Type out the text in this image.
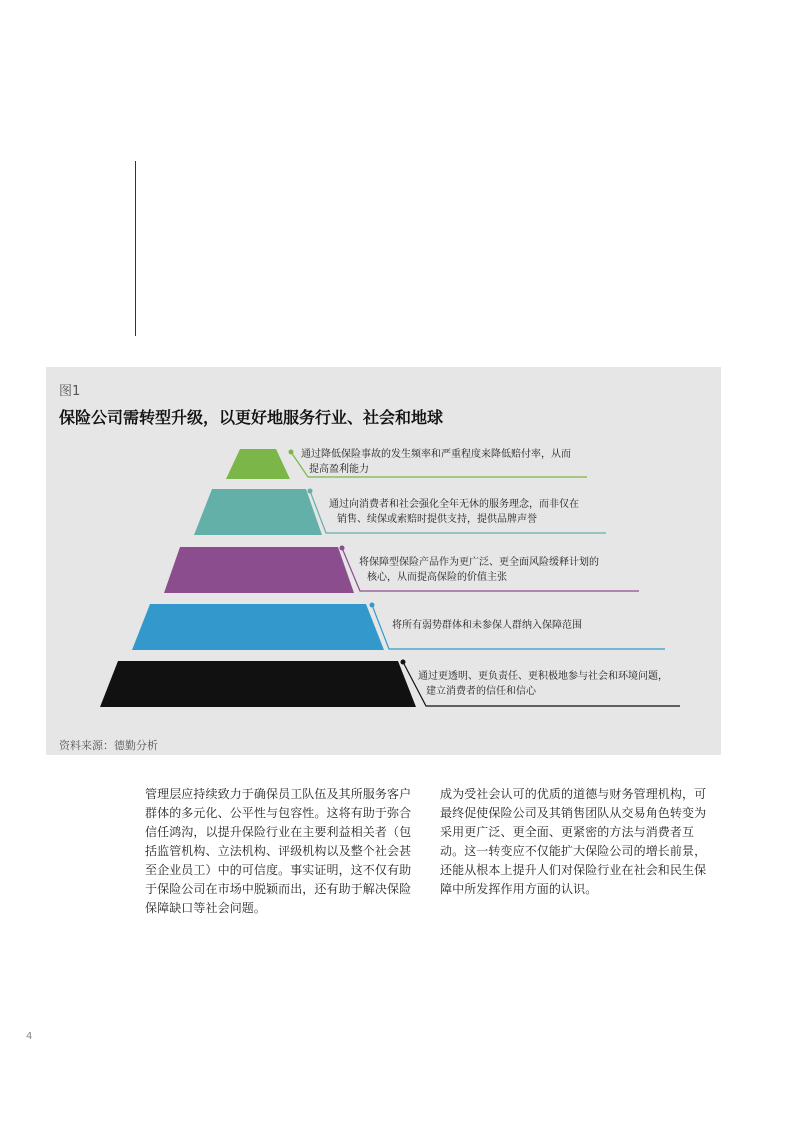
图1
保险公司需转型升级，以更好地服务行业、社会和地球
通过降低保险事故的发生频率和严重程度来降低赔付率，从而
提高盈利能力
通过向消费者和社会强化全年无休的服务理念，而非仅在
销售、续保或索赔时提供支持，提供品牌声誉
将保障型保险产品作为更广泛、更全面风险缓释计划的
核心，从而提高保险的价值主张
将所有弱势群体和未参保人群纳入保障范围
通过更透明、更负责任、更积极地参与社会和环境问题，
建立消费者的信任和信心
资料来源：德勤分析

管理层应持续致力于确保员工队伍及其所服务客户

群体的多元化、公平性与包容性。这将有助于弥合

信任鸿沟，以提升保险行业在主要利益相关者（包

括监管机构、立法机构、评级机构以及整个社会甚

至企业员工）中的可信度。事实证明，这不仅有助

于保险公司在市场中脱颖而出，还有助于解决保险

保障缺口等社会问题。

成为受社会认可的优质的道德与财务管理机构，可

最终促使保险公司及其销售团队从交易角色转变为

采用更广泛、更全面、更紧密的方法与消费者互

动。这一转变应不仅能扩大保险公司的增长前景，

还能从根本上提升人们对保险行业在社会和民生保

障中所发挥作用方面的认识。

4
